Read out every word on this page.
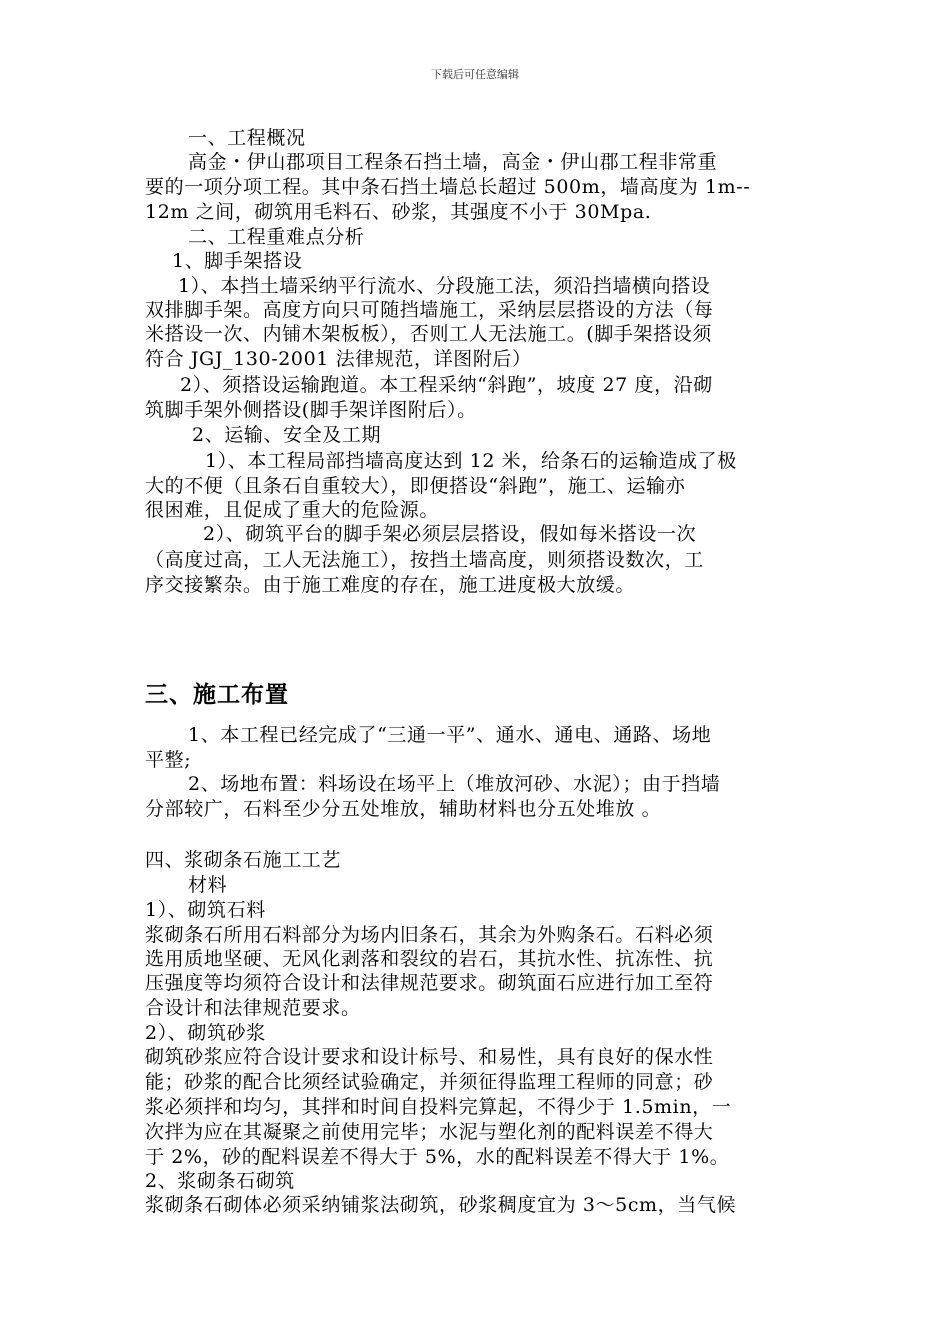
下载后可任意编辑
一、工程概况
高金・伊山郡项目工程条石挡土墙，高金・伊山郡工程非常重
要的一项分项工程。其中条石挡土墙总长超过 500m，墙高度为 1m--
12m 之间，砌筑用毛料石、砂浆，其强度不小于 30Mpa.
二、工程重难点分析
1、脚手架搭设
1）、本挡土墙采纳平行流水、分段施工法，须沿挡墙横向搭设
双排脚手架。高度方向只可随挡墙施工，采纳层层搭设的方法（每
米搭设一次、内铺木架板板），否则工人无法施工。(脚手架搭设须
符合 JGJ_130-2001 法律规范，详图附后）
2）、须搭设运输跑道。本工程采纳“斜跑”，坡度 27 度，沿砌
筑脚手架外侧搭设(脚手架详图附后）。
2、运输、安全及工期
1）、本工程局部挡墙高度达到 12 米，给条石的运输造成了极
大的不便（且条石自重较大），即便搭设“斜跑”，施工、运输亦
很困难，且促成了重大的危险源。
2）、砌筑平台的脚手架必须层层搭设，假如每米搭设一次
（高度过高，工人无法施工），按挡土墙高度，则须搭设数次，工
序交接繁杂。由于施工难度的存在，施工进度极大放缓。
三、施工布置
1、本工程已经完成了“三通一平”、通水、通电、通路、场地
平整;
2、场地布置：料场设在场平上（堆放河砂、水泥）；由于挡墙
分部较广，石料至少分五处堆放，辅助材料也分五处堆放 。
四、浆砌条石施工工艺
材料
1）、砌筑石料
浆砌条石所用石料部分为场内旧条石，其余为外购条石。石料必须
选用质地坚硬、无风化剥落和裂纹的岩石，其抗水性、抗冻性、抗
压强度等均须符合设计和法律规范要求。砌筑面石应进行加工至符
合设计和法律规范要求。
2）、砌筑砂浆
砌筑砂浆应符合设计要求和设计标号、和易性，具有良好的保水性
能；砂浆的配合比须经试验确定，并须征得监理工程师的同意；砂
浆必须拌和均匀，其拌和时间自投料完算起，不得少于 1.5min，一
次拌为应在其凝聚之前使用完毕；水泥与塑化剂的配料误差不得大
于 2%，砂的配料误差不得大于 5%，水的配料误差不得大于 1%。
2、浆砌条石砌筑
浆砌条石砌体必须采纳铺浆法砌筑，砂浆稠度宜为 3～5cm，当气候
